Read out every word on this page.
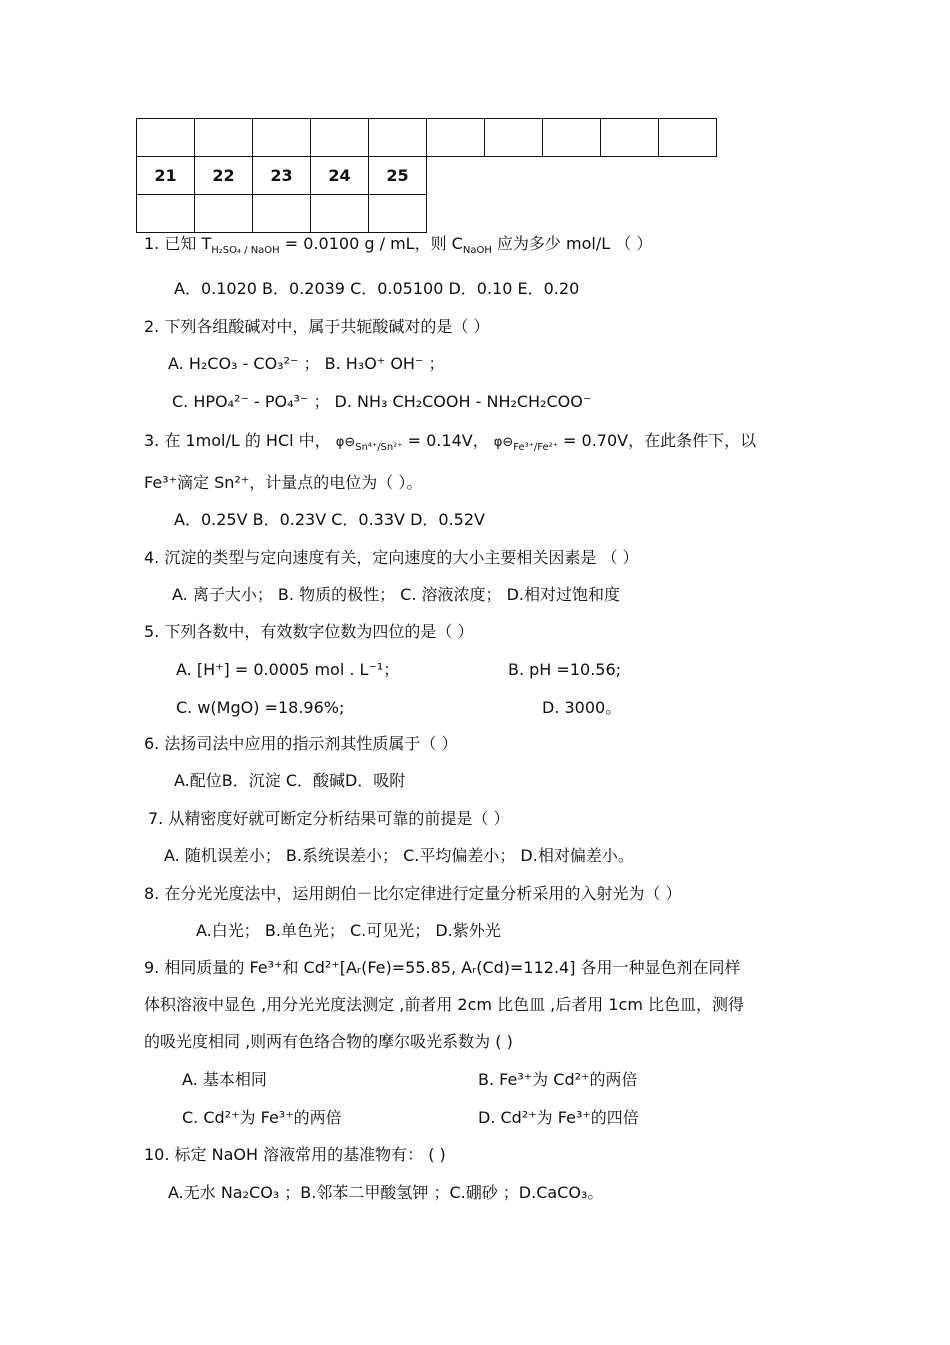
21	22	23	24	25					

1. 已知 $T_{H_2SO_4 / NaOH} = 0.0100$ g / mL，则 $C_{NaOH}$ 应为多少 mol/L （ ）
A．0.1020 B．0.2039 C．0.05100 D．0.10 E．0.20
2. 下列各组酸碱对中，属于共轭酸碱对的是（ ）
A. H₂CO₃ - CO₃²⁻ ； B. H₃O⁺ OH⁻ ；
C. HPO₄²⁻ - PO₄³⁻ ； D. NH₃ CH₂COOH - NH₂CH₂COO⁻
3. 在 1mol/L 的 HCl 中， $\varphi⊖_{Sn^{4+}/Sn^{2+}} = 0.14V$， $\varphi⊖_{Fe^{3+}/Fe^{2+}} = 0.70V$，在此条件下，以
Fe³⁺滴定 Sn²⁺，计量点的电位为（ ）。
A．0.25V B．0.23V C．0.33V D．0.52V
4. 沉淀的类型与定向速度有关，定向速度的大小主要相关因素是 （ ）
A. 离子大小； B. 物质的极性； C. 溶液浓度； D.相对过饱和度
5. 下列各数中，有效数字位数为四位的是（ ）
A. [H⁺] = 0.0005 mol . L⁻¹；	B. pH =10.56;
C. w(MgO) =18.96%;	D. 3000。
6. 法扬司法中应用的指示剂其性质属于（ ）
A.配位B．沉淀 C．酸碱D．吸附
7. 从精密度好就可断定分析结果可靠的前提是（ ）
A. 随机误差小； B.系统误差小； C.平均偏差小； D.相对偏差小。
8. 在分光光度法中，运用朗伯－比尔定律进行定量分析采用的入射光为（ ）
A.白光； B.单色光； C.可见光； D.紫外光
9. 相同质量的 Fe³⁺和 Cd²⁺[Aᵣ(Fe)=55.85, Aᵣ(Cd)=112.4] 各用一种显色剂在同样
体积溶液中显色 ,用分光光度法测定 ,前者用 2cm 比色皿 ,后者用 1cm 比色皿，测得
的吸光度相同 ,则两有色络合物的摩尔吸光系数为 ( )
A. 基本相同	B. Fe³⁺为 Cd²⁺的两倍
C. Cd²⁺为 Fe³⁺的两倍	D. Cd²⁺为 Fe³⁺的四倍
10. 标定 NaOH 溶液常用的基准物有： ( )
A.无水 Na₂CO₃ ；B.邻苯二甲酸氢钾 ；C.硼砂 ；D.CaCO₃。
